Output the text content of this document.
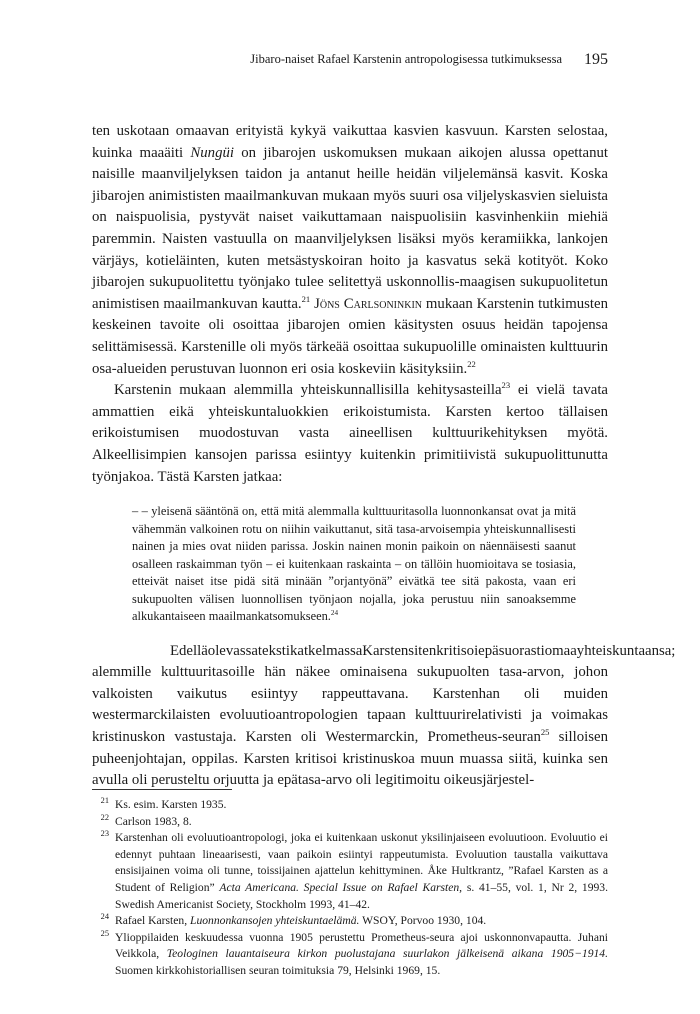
Jibaro-naiset Rafael Karstenin antropologisessa tutkimuksessa 195

ten uskotaan omaavan erityistä kykyä vaikuttaa kasvien kasvuun. Karsten selostaa, kuinka maaäiti Nungüi on jibarojen uskomuksen mukaan aikojen alussa opettanut naisille maanviljelyksen taidon ja antanut heille heidän viljelemänsä kasvit. Koska jibarojen animististen maailmankuvan mukaan myös suuri osa viljelyskasvien sieluista on naispuolisia, pystyvät naiset vaikuttamaan naispuolisiin kasvinhenkiin miehiä paremmin. Naisten vastuulla on maanviljelyksen lisäksi myös keramiikka, lankojen värjäys, kotieläinten, kuten metsästyskoiran hoito ja kasvatus sekä kotityöt. Koko jibarojen sukupuolitettu työnjako tulee selitettyä uskonnollis-maagisen sukupuolitetun animistisen maailmankuvan kautta.$^{21}$ Jöns Carlsoninkin mukaan Karstenin tutkimusten keskeinen tavoite oli osoittaa jibarojen omien käsitysten osuus heidän tapojensa selittämisessä. Karstenille oli myös tärkeää osoittaa sukupuolille ominaisten kulttuurin osa-alueiden perustuvan luonnon eri osia koskeviin käsityksiin.$^{22}$

Karstenin mukaan alemmilla yhteiskunnallisilla kehitysasteilla$^{23}$ ei vielä tavata ammattien eikä yhteiskuntaluokkien erikoistumista. Karsten kertoo tällaisen erikoistumisen muodostuvan vasta aineellisen kulttuurikehityksen myötä. Alkeellisimpien kansojen parissa esiintyy kuitenkin primitiivistä sukupuolittunutta työnjakoa. Tästä Karsten jatkaa:

– – yleisenä sääntönä on, että mitä alemmalla kulttuuritasolla luonnonkansat ovat ja mitä vähemmän valkoinen rotu on niihin vaikuttanut, sitä tasa-arvoisempia yhteiskunnallisesti nainen ja mies ovat niiden parissa. Joskin nainen monin paikoin on näennäisesti saanut osalleen raskaimman työn – ei kuitenkaan raskainta – on tällöin huomioitava se tosiasia, etteivät naiset itse pidä sitä minään ”orjantyönä” eivätkä tee sitä pakosta, vaan eri sukupuolten välisen luonnollisen työnjaon nojalla, joka perustuu niin sanoaksemme alkukantaiseen maailmankatsomukseen.$^{24}$

EdelläolevassatekstikatkelmassaKarstensitenkritisoiepäsuorastiomaayhteiskuntaansa; alemmille kulttuuritasoille hän näkee ominaisena sukupuolten tasa-arvon, johon valkoisten vaikutus esiintyy rappeuttavana. Karstenhan oli muiden westermarckilaisten evoluutioantropologien tapaan kulttuurirelativisti ja voimakas kristinuskon vastustaja. Karsten oli Westermarckin, Prometheus-seuran$^{25}$ silloisen puheenjohtajan, oppilas. Karsten kritisoi kristinuskoa muun muassa siitä, kuinka sen avulla oli perusteltu orjuutta ja epätasa-arvo oli legitimoitu oikeusjärjestel-

$^{21}$ Ks. esim. Karsten 1935.
$^{22}$ Carlson 1983, 8.
$^{23}$ Karstenhan oli evoluutioantropologi, joka ei kuitenkaan uskonut yksilinjaiseen evoluutioon. Evoluutio ei edennyt puhtaan lineaarisesti, vaan paikoin esiintyi rappeutumista. Evoluution taustalla vaikuttava ensisijainen voima oli tunne, toissijainen ajattelun kehittyminen. Åke Hultkrantz, ”Rafael Karsten as a Student of Religion” Acta Americana. Special Issue on Rafael Karsten, s. 41–55, vol. 1, Nr 2, 1993. Swedish Americanist Society, Stockholm 1993, 41–42.
$^{24}$ Rafael Karsten, Luonnonkansojen yhteiskuntaelämä. WSOY, Porvoo 1930, 104.
$^{25}$ Ylioppilaiden keskuudessa vuonna 1905 perustettu Prometheus-seura ajoi uskonnonvapautta. Juhani Veikkola, Teologinen lauantaiseura kirkon puolustajana suurlakon jälkeisenä aikana 1905−1914. Suomen kirkkohistoriallisen seuran toimituksia 79, Helsinki 1969, 15.
